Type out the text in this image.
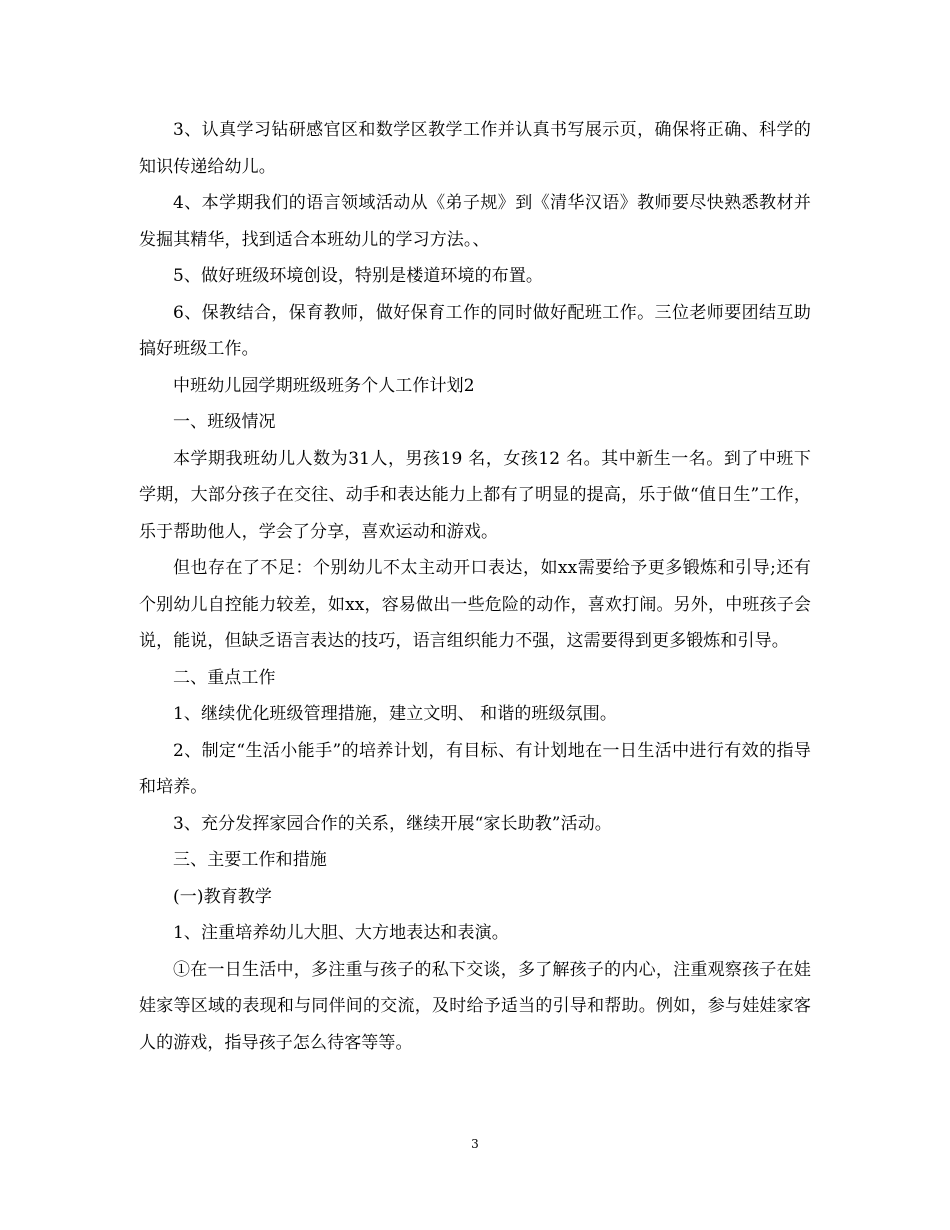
3、认真学习钻研感官区和数学区教学工作并认真书写展示页，确保将正确、科学的知识传递给幼儿。

4、本学期我们的语言领域活动从《弟子规》到《清华汉语》教师要尽快熟悉教材并发掘其精华，找到适合本班幼儿的学习方法。、

5、做好班级环境创设，特别是楼道环境的布置。

6、保教结合，保育教师，做好保育工作的同时做好配班工作。三位老师要团结互助搞好班级工作。

中班幼儿园学期班级班务个人工作计划2

一、班级情况

本学期我班幼儿人数为31人，男孩19 名，女孩12 名。其中新生一名。到了中班下学期，大部分孩子在交往、动手和表达能力上都有了明显的提高，乐于做“值日生”工作，乐于帮助他人，学会了分享，喜欢运动和游戏。

但也存在了不足：个别幼儿不太主动开口表达，如xx需要给予更多锻炼和引导;还有个别幼儿自控能力较差，如xx，容易做出一些危险的动作，喜欢打闹。另外，中班孩子会说，能说，但缺乏语言表达的技巧，语言组织能力不强，这需要得到更多锻炼和引导。

二、重点工作

1、继续优化班级管理措施，建立文明、 和谐的班级氛围。

2、制定“生活小能手”的培养计划，有目标、有计划地在一日生活中进行有效的指导和培养。

3、充分发挥家园合作的关系，继续开展“家长助教”活动。

三、主要工作和措施

(一)教育教学

1、注重培养幼儿大胆、大方地表达和表演。

①在一日生活中，多注重与孩子的私下交谈，多了解孩子的内心，注重观察孩子在娃娃家等区域的表现和与同伴间的交流，及时给予适当的引导和帮助。例如，参与娃娃家客人的游戏，指导孩子怎么待客等等。

3
